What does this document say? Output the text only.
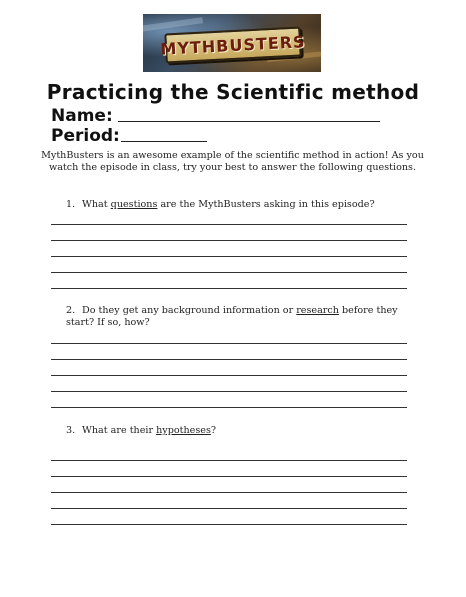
MYTHBUSTERS
Practicing the Scientific method
Name:
Period:
MythBusters is an awesome example of the scientific method in action! As you watch the episode in class, try your best to answer the following questions.
1. What questions are the MythBusters asking in this episode?
2. Do they get any background information or research before they start? If so, how?
3. What are their hypotheses?
